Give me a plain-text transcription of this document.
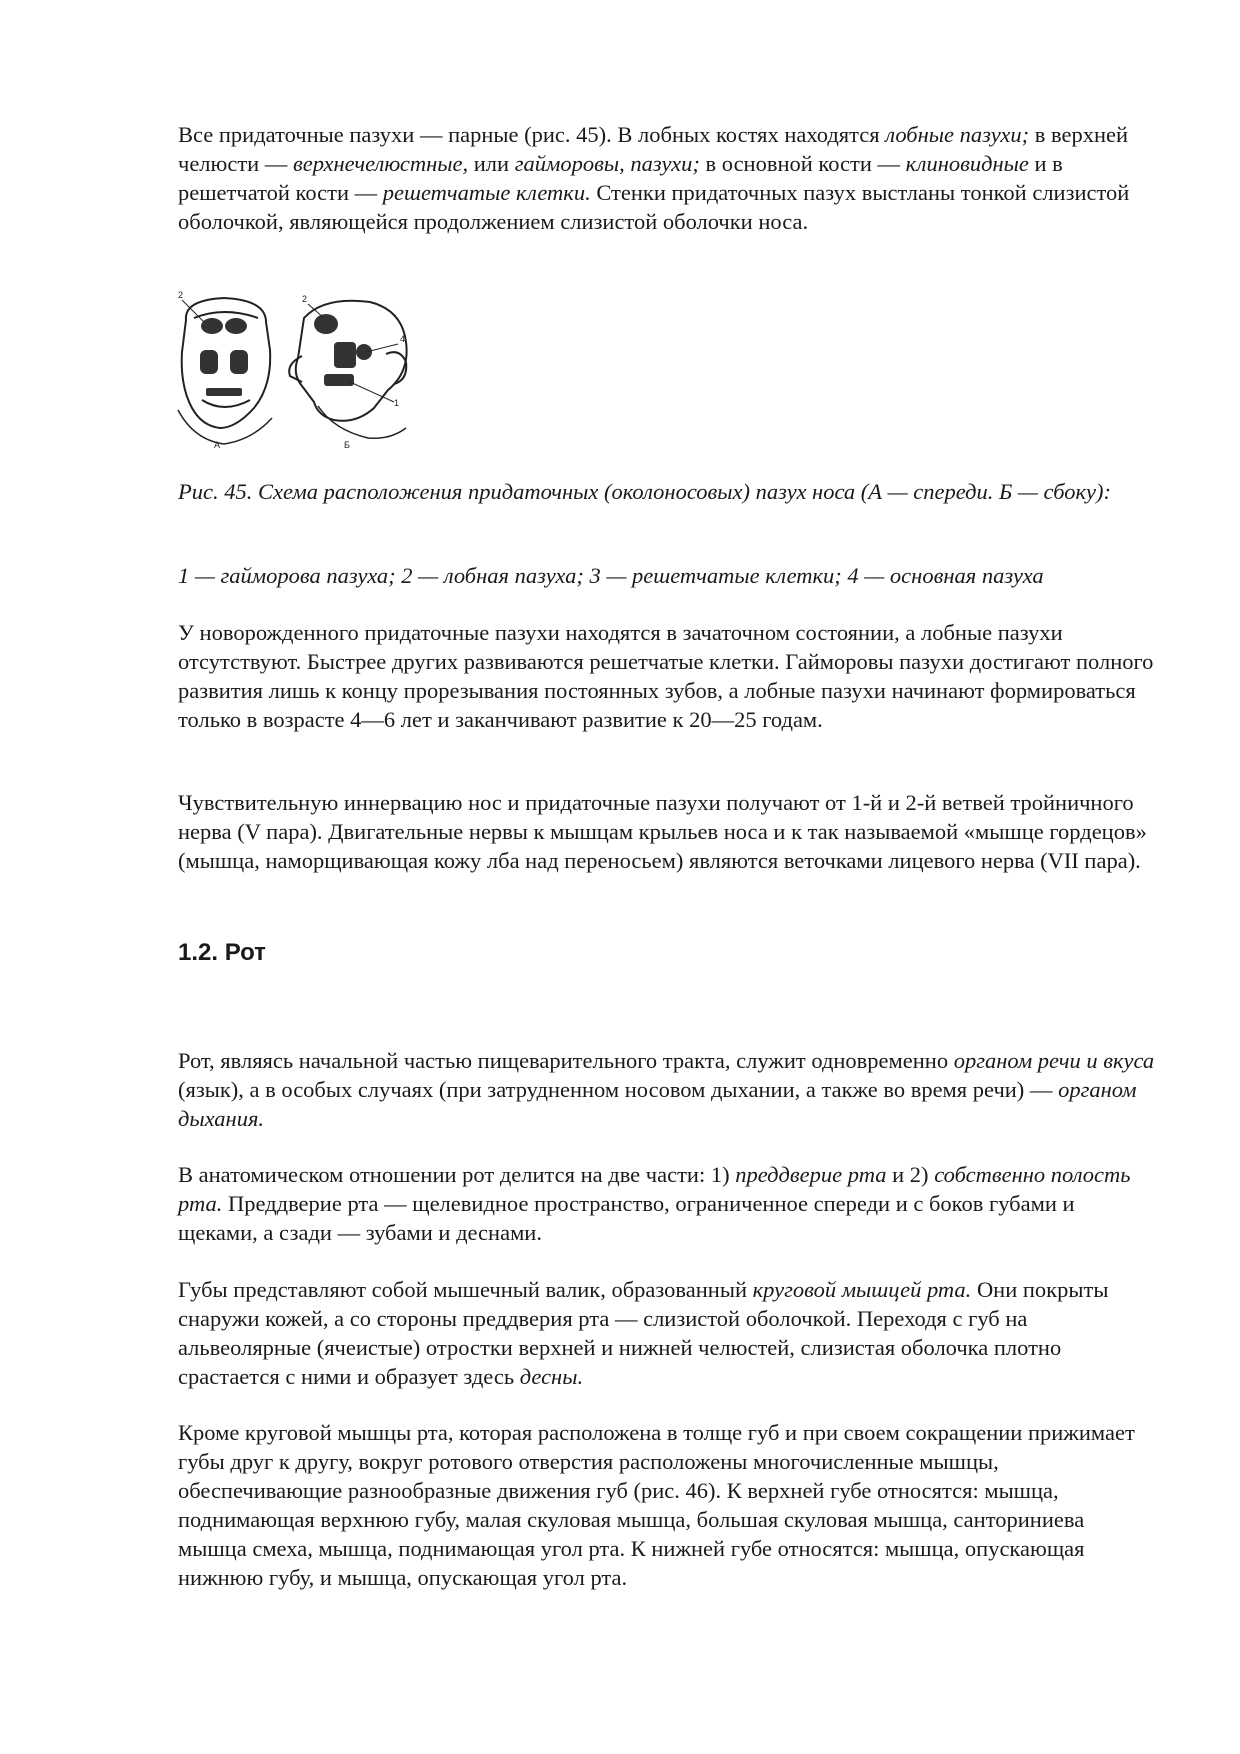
Все придаточные пазухи — парные (рис. 45). В лобных костях находятся лобные пазухи; в верхней челюсти — верхнечелюстные, или гайморовы, пазухи; в основной кости — клиновидные и в решетчатой кости — решетчатые клетки. Стенки придаточных пазух выстланы тонкой слизистой оболочкой, являющейся продолжением слизистой оболочки носа.

2	2
4
1
А	Б

Рис. 45. Схема расположения придаточных (околоносовых) пазух носа (А — спереди. Б — сбоку):

1 — гайморова пазуха; 2 — лобная пазуха; 3 — решетчатые клетки; 4 — основная пазуха

У новорожденного придаточные пазухи находятся в зачаточном состоянии, а лобные пазухи отсутствуют. Быстрее других развиваются решетчатые клетки. Гайморовы пазухи достигают полного развития лишь к концу прорезывания постоянных зубов, а лобные пазухи начинают формироваться только в возрасте 4—6 лет и заканчивают развитие к 20—25 годам.

Чувствительную иннервацию нос и придаточные пазухи получают от 1-й и 2-й ветвей тройничного нерва (V пара). Двигательные нервы к мышцам крыльев носа и к так называемой «мышце гордецов» (мышца, наморщивающая кожу лба над переносьем) являются веточками лицевого нерва (VII пара).

1.2. Рот

Рот, являясь начальной частью пищеварительного тракта, служит одновременно органом речи и вкуса (язык), а в особых случаях (при затрудненном носовом дыхании, а также во время речи) — органом дыхания.

В анатомическом отношении рот делится на две части: 1) преддверие рта и 2) собственно полость рта. Преддверие рта — щелевидное пространство, ограниченное спереди и с боков губами и щеками, а сзади — зубами и деснами.

Губы представляют собой мышечный валик, образованный круговой мышцей рта. Они покрыты снаружи кожей, а со стороны преддверия рта — слизистой оболочкой. Переходя с губ на альвеолярные (ячеистые) отростки верхней и нижней челюстей, слизистая оболочка плотно срастается с ними и образует здесь десны.

Кроме круговой мышцы рта, которая расположена в толще губ и при своем сокращении прижимает губы друг к другу, вокруг ротового отверстия расположены многочисленные мышцы, обеспечивающие разнообразные движения губ (рис. 46). К верхней губе относятся: мышца, поднимающая верхнюю губу, малая скуловая мышца, большая скуловая мышца, санториниева мышца смеха, мышца, поднимающая угол рта. К нижней губе относятся: мышца, опускающая нижнюю губу, и мышца, опускающая угол рта.
